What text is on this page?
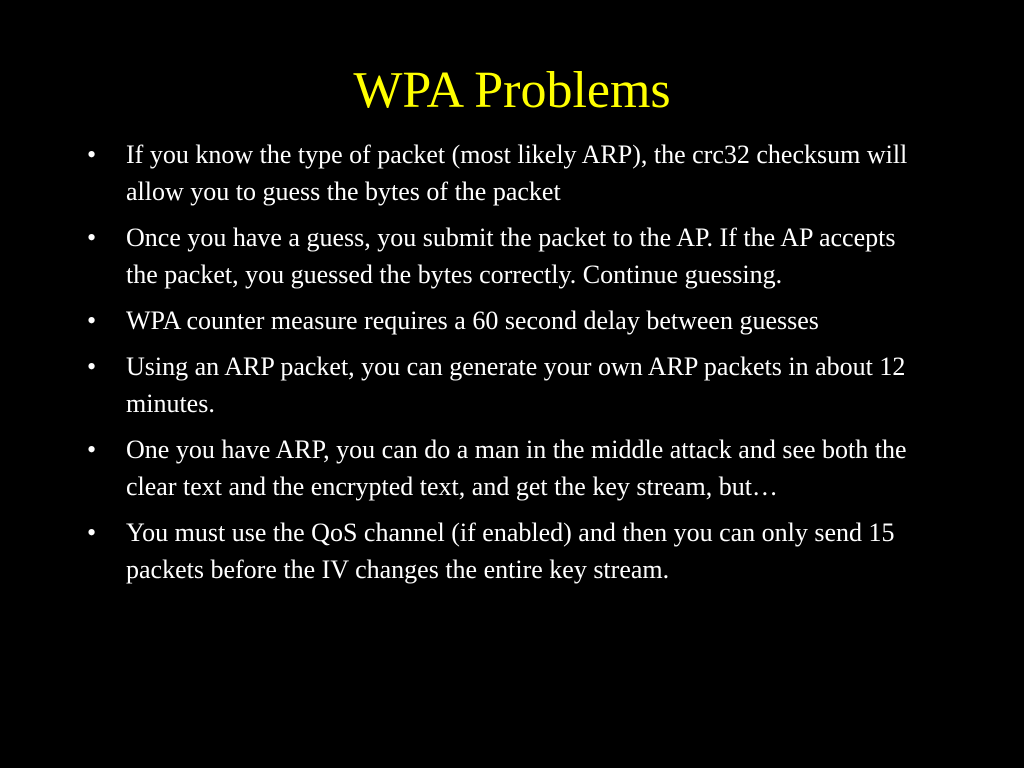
WPA Problems
•	If you know the type of packet (most likely ARP), the crc32 checksum will allow you to guess the bytes of the packet
•	Once you have a guess, you submit the packet to the AP. If the AP accepts the packet, you guessed the bytes correctly. Continue guessing.
•	WPA counter measure requires a 60 second delay between guesses
•	Using an ARP packet, you can generate your own ARP packets in about 12 minutes.
•	One you have ARP, you can do a man in the middle attack and see both the clear text and the encrypted text, and get the key stream, but…
•	You must use the QoS channel (if enabled) and then you can only send 15 packets before the IV changes the entire key stream.
